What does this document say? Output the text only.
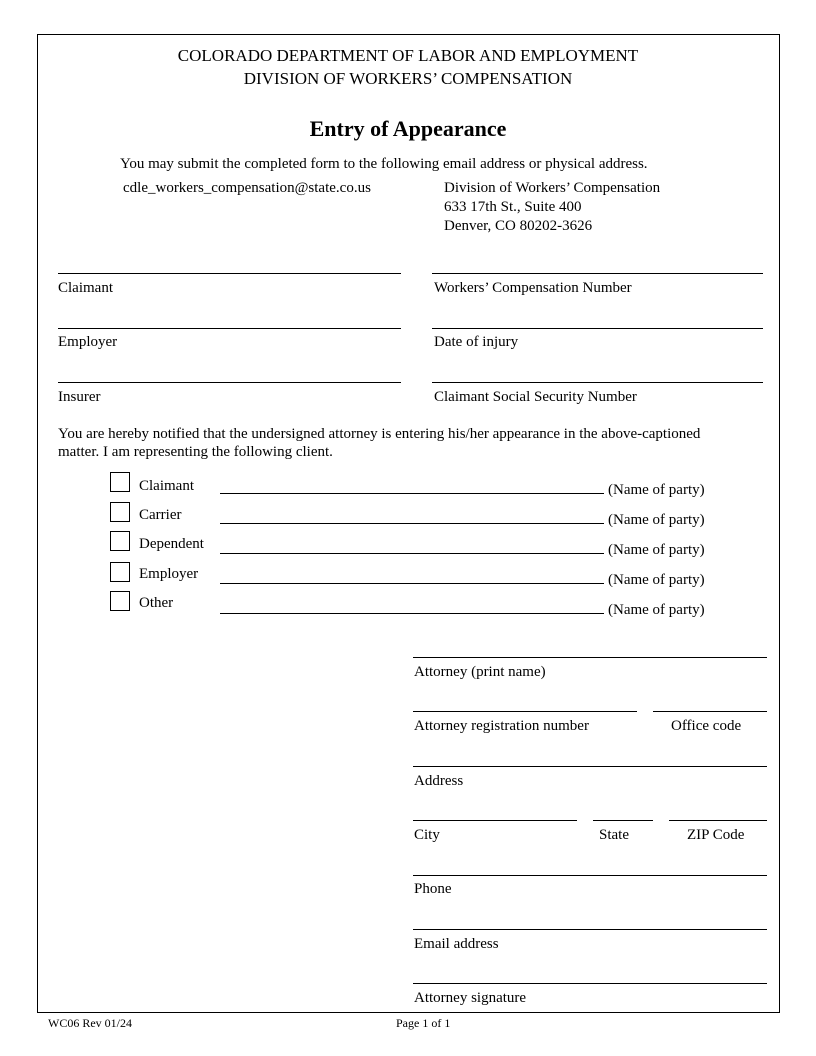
COLORADO DEPARTMENT OF LABOR AND EMPLOYMENT
DIVISION OF WORKERS’ COMPENSATION
Entry of Appearance
You may submit the completed form to the following email address or physical address.
cdle_workers_compensation@state.co.us	Division of Workers’ Compensation
633 17th St., Suite 400
Denver, CO 80202-3626
Claimant	Workers’ Compensation Number
Employer	Date of injury
Insurer	Claimant Social Security Number
You are hereby notified that the undersigned attorney is entering his/her appearance in the above-captioned
matter. I am representing the following client.
Claimant	(Name of party)
Carrier	(Name of party)
Dependent	(Name of party)
Employer	(Name of party)
Other	(Name of party)
Attorney (print name)
Attorney registration number	Office code
Address
City	State	ZIP Code
Phone
Email address
Attorney signature
WC06 Rev 01/24	Page 1 of 1
